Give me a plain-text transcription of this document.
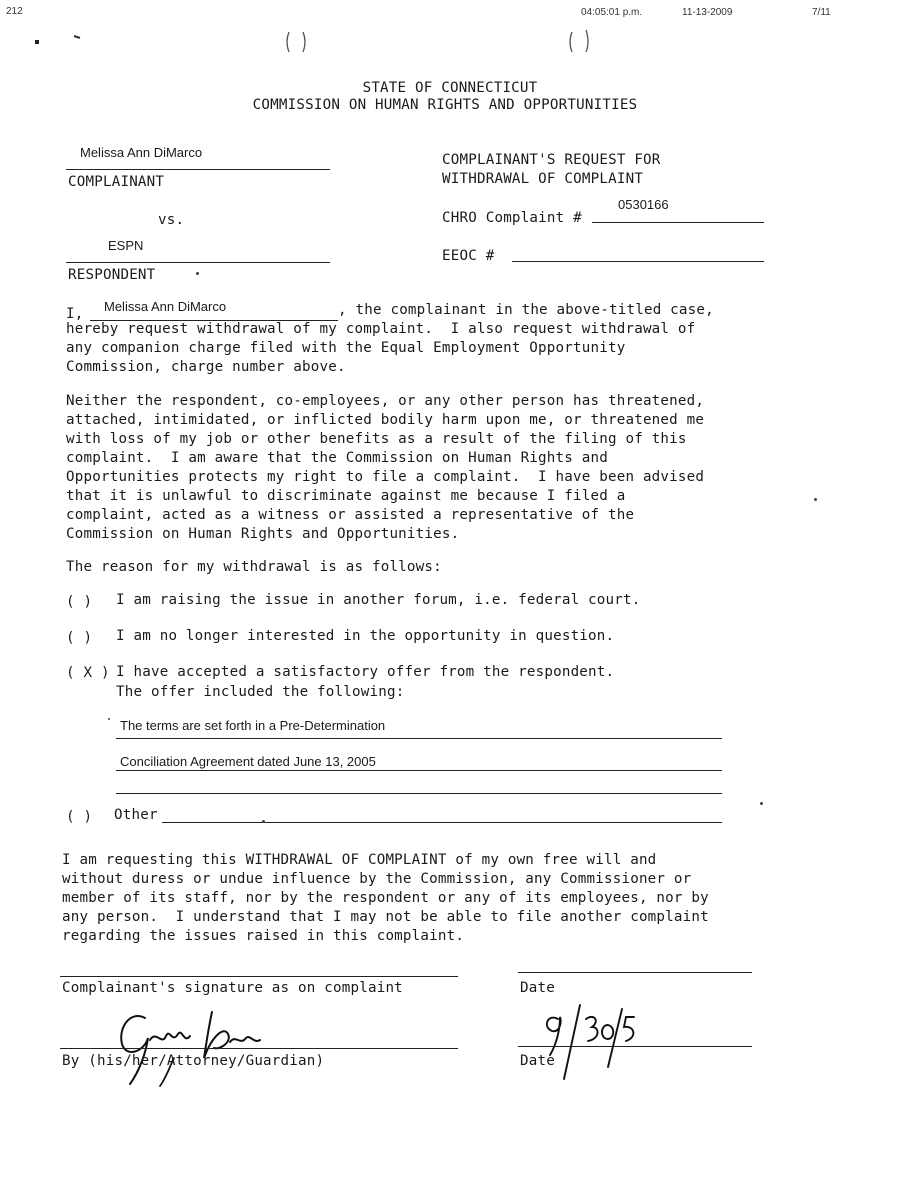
212	04:05:01 p.m.	11-13-2009	7/11
STATE OF CONNECTICUT
COMMISSION ON HUMAN RIGHTS AND OPPORTUNITIES
Melissa Ann DiMarco
COMPLAINANT
vs.
ESPN
RESPONDENT
COMPLAINANT'S REQUEST FOR
WITHDRAWAL OF COMPLAINT
CHRO Complaint #
0530166
EEOC #
I, Melissa Ann DiMarco	, the complainant in the above-titled case,
hereby request withdrawal of my complaint.  I also request withdrawal of
any companion charge filed with the Equal Employment Opportunity
Commission, charge number above.
Neither the respondent, co-employees, or any other person has threatened,
attached, intimidated, or inflicted bodily harm upon me, or threatened me
with loss of my job or other benefits as a result of the filing of this
complaint.  I am aware that the Commission on Human Rights and
Opportunities protects my right to file a complaint.  I have been advised
that it is unlawful to discriminate against me because I filed a
complaint, acted as a witness or assisted a representative of the
Commission on Human Rights and Opportunities.
The reason for my withdrawal is as follows:
( ) I am raising the issue in another forum, i.e. federal court.
( ) I am no longer interested in the opportunity in question.
( X ) I have accepted a satisfactory offer from the respondent.
The offer included the following:
The terms are set forth in a Pre-Determination
Conciliation Agreement dated June 13, 2005
( ) Other
I am requesting this WITHDRAWAL OF COMPLAINT of my own free will and
without duress or undue influence by the Commission, any Commissioner or
member of its staff, nor by the respondent or any of its employees, nor by
any person.  I understand that I may not be able to file another complaint
regarding the issues raised in this complaint.
Complainant's signature as on complaint	Date
By (his/her/Attorney/Guardian)	Date
